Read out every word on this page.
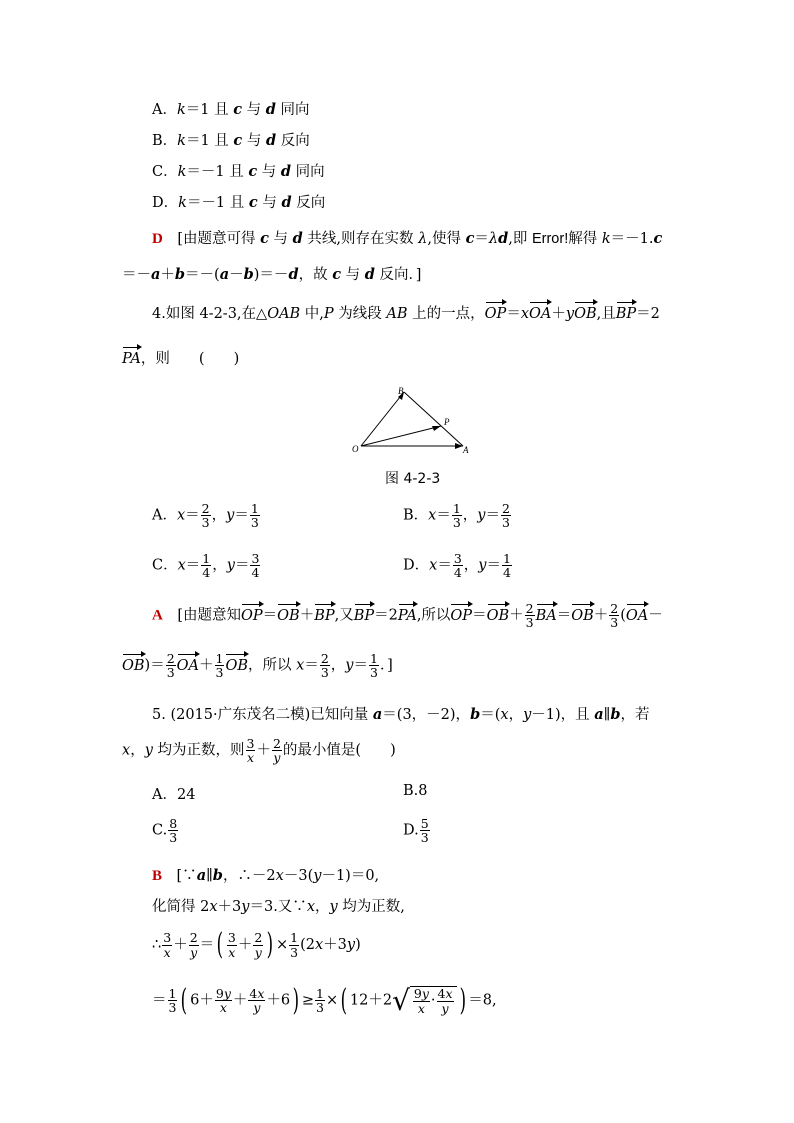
A．k＝1 且 c 与 d 同向
B．k＝1 且 c 与 d 反向
C．k＝－1 且 c 与 d 同向
D．k＝－1 且 c 与 d 反向
D　[由题意可得 c 与 d 共线,则存在实数 λ,使得 c＝λd,即 Error!解得 k＝－1.c
＝－a＋b＝－(a－b)＝－d，故 c 与 d 反向．]
4.如图 4-2-3,在△OAB 中,P 为线段 AB 上的一点，OP＝xOA＋yOB,且BP＝2
PA，则　　(　　)
B
P
O	A
图 4-2-3
A．$x= \frac{2}{3}$ ，$y= \frac{1}{3}$	B．$x= \frac{1}{3}$ ，$y= \frac{2}{3}$
C．$x= \frac{1}{4}$ ，$y= \frac{3}{4}$	D．$x= \frac{3}{4}$ ，$y= \frac{1}{4}$
A　[由题意知OP＝OB＋BP,又BP＝2PA,所以$OP=OB+ \frac{2}{3} BA=OB+ \frac{2}{3} (OA-$
$OB)= \frac{2}{3} OA+ \frac{1}{3}$ OB，所以 $x= \frac{2}{3}$ ，$y= \frac{1}{3}$ ．]
5. (2015·广东茂名二模)已知向量 a＝(3，－2)，b＝(x，y－1)，且 a∥b，若
x，y 均为正数，则 $\frac{3}{x} + \frac{2}{y}$ 的最小值是(　　)
A．24	B.8
C. $\frac{8}{3}$	D. $\frac{5}{3}$
B　[∵a∥b，∴－2x－3(y－1)＝0,
化简得 2x＋3y＝3.又∵x，y 均为正数,
∴ $\frac{3}{x} + \frac{2}{y}$ ＝( $\frac{3}{x} + \frac{2}{y}$ ) × $\frac{1}{3} (2x+3y)$
＝ $\frac{1}{3}$ ( $6+ \frac{9y}{x} + \frac{4x}{y} +6) \ge \frac{1}{3}$ ×( $12+2√ \frac{9y}{x} \cdot \frac{4x}{y}$ ) ＝8,
